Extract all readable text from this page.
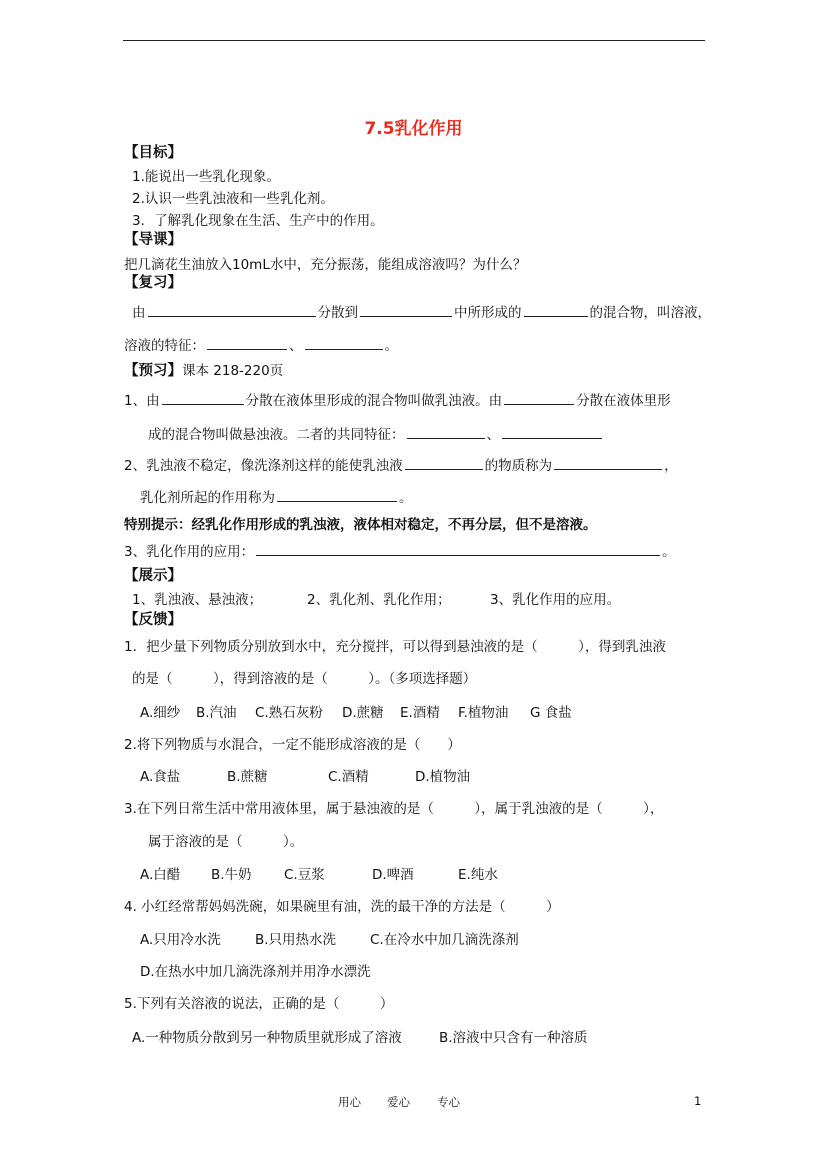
7.5乳化作用
【目标】
1.能说出一些乳化现象。
2.认识一些乳浊液和一些乳化剂。
3．了解乳化现象在生活、生产中的作用。
【导课】
把几滴花生油放入10mL水中，充分振荡，能组成溶液吗？为什么？
【复习】
由	分散到	中所形成的	的混合物，叫溶液，
溶液的特征：	、	。
【预习】课本 218-220页
1、由	分散在液体里形成的混合物叫做乳浊液。由	分散在液体里形
成的混合物叫做悬浊液。二者的共同特征：	、
2、乳浊液不稳定，像洗涤剂这样的能使乳浊液	的物质称为	，
乳化剂所起的作用称为	。
特别提示：经乳化作用形成的乳浊液，液体相对稳定，不再分层，但不是溶液。
3、乳化作用的应用：	。
【展示】
1、乳浊液、悬浊液；	2、乳化剂、乳化作用；	3、乳化作用的应用。
【反馈】
1．把少量下列物质分别放到水中，充分搅拌，可以得到悬浊液的是（　　　），得到乳浊液
的是（　　　），得到溶液的是（　　　）。（多项选择题）
A.细纱 B.汽油 C.熟石灰粉 D.蔗糖 E.酒精 F.植物油 G 食盐
2.将下列物质与水混合，一定不能形成溶液的是（　　）
A.食盐	B.蔗糖	C.酒精	D.植物油
3.在下列日常生活中常用液体里，属于悬浊液的是（　　　），属于乳浊液的是（　　　），
属于溶液的是（　　　）。
A.白醋 B.牛奶 C.豆浆	D.啤酒	E.纯水
4. 小红经常帮妈妈洗碗，如果碗里有油，洗的最干净的方法是（　　　）
A.只用冷水洗	B.只用热水洗	C.在冷水中加几滴洗涤剂
D.在热水中加几滴洗涤剂并用净水漂洗
5.下列有关溶液的说法，正确的是（　　　）
A.一种物质分散到另一种物质里就形成了溶液	B.溶液中只含有一种溶质
用心 爱心 专心	1
